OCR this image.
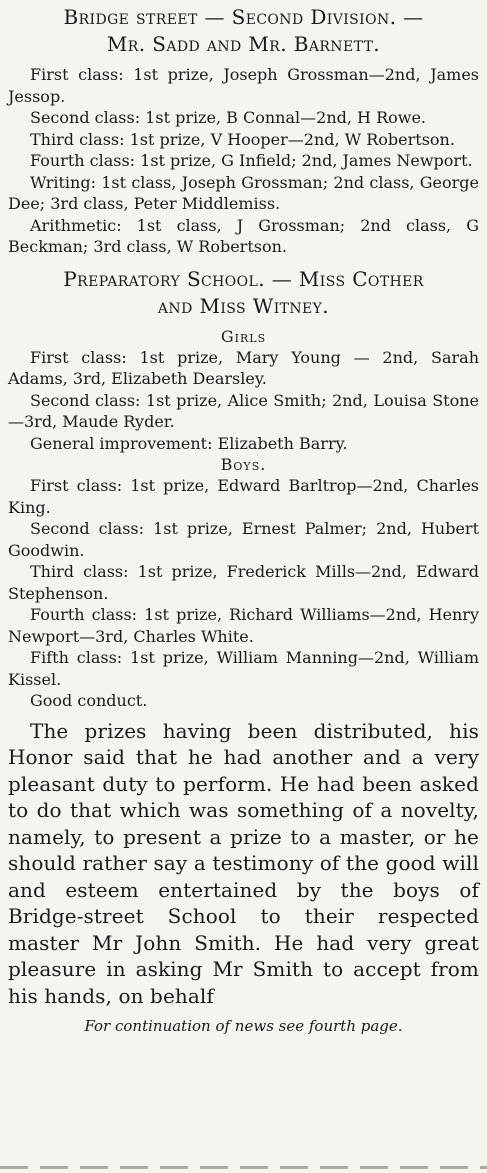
Bridge street — Second Division. —

Mr. Sadd and Mr. Barnett.

First class: 1st prize, Joseph Grossman—2nd, James Jessop.

Second class: 1st prize, B Connal—2nd, H Rowe.

Third class: 1st prize, V Hooper—2nd, W Robertson.

Fourth class: 1st prize, G Infield; 2nd, James Newport.

Writing: 1st class, Joseph Grossman; 2nd class, George Dee; 3rd class, Peter Middlemiss.

Arithmetic: 1st class, J Grossman; 2nd class, G Beckman; 3rd class, W Robertson.

Preparatory School. — Miss Cother

and Miss Witney.

Girls

First class: 1st prize, Mary Young — 2nd, Sarah Adams, 3rd, Elizabeth Dearsley.

Second class: 1st prize, Alice Smith; 2nd, Louisa Stone—3rd, Maude Ryder.

General improvement: Elizabeth Barry.

Boys.

First class: 1st prize, Edward Barltrop—2nd, Charles King.

Second class: 1st prize, Ernest Palmer; 2nd, Hubert Goodwin.

Third class: 1st prize, Frederick Mills—2nd, Edward Stephenson.

Fourth class: 1st prize, Richard Williams—2nd, Henry Newport—3rd, Charles White.

Fifth class: 1st prize, William Manning—2nd, William Kissel.

Good conduct.

The prizes having been distributed, his Honor said that he had another and a very pleasant duty to perform. He had been asked to do that which was something of a novelty, namely, to present a prize to a master, or he should rather say a testimony of the good will and esteem entertained by the boys of Bridge-street School to their respected master Mr John Smith. He had very great pleasure in asking Mr Smith to accept from his hands, on behalf

For continuation of news see fourth page.
